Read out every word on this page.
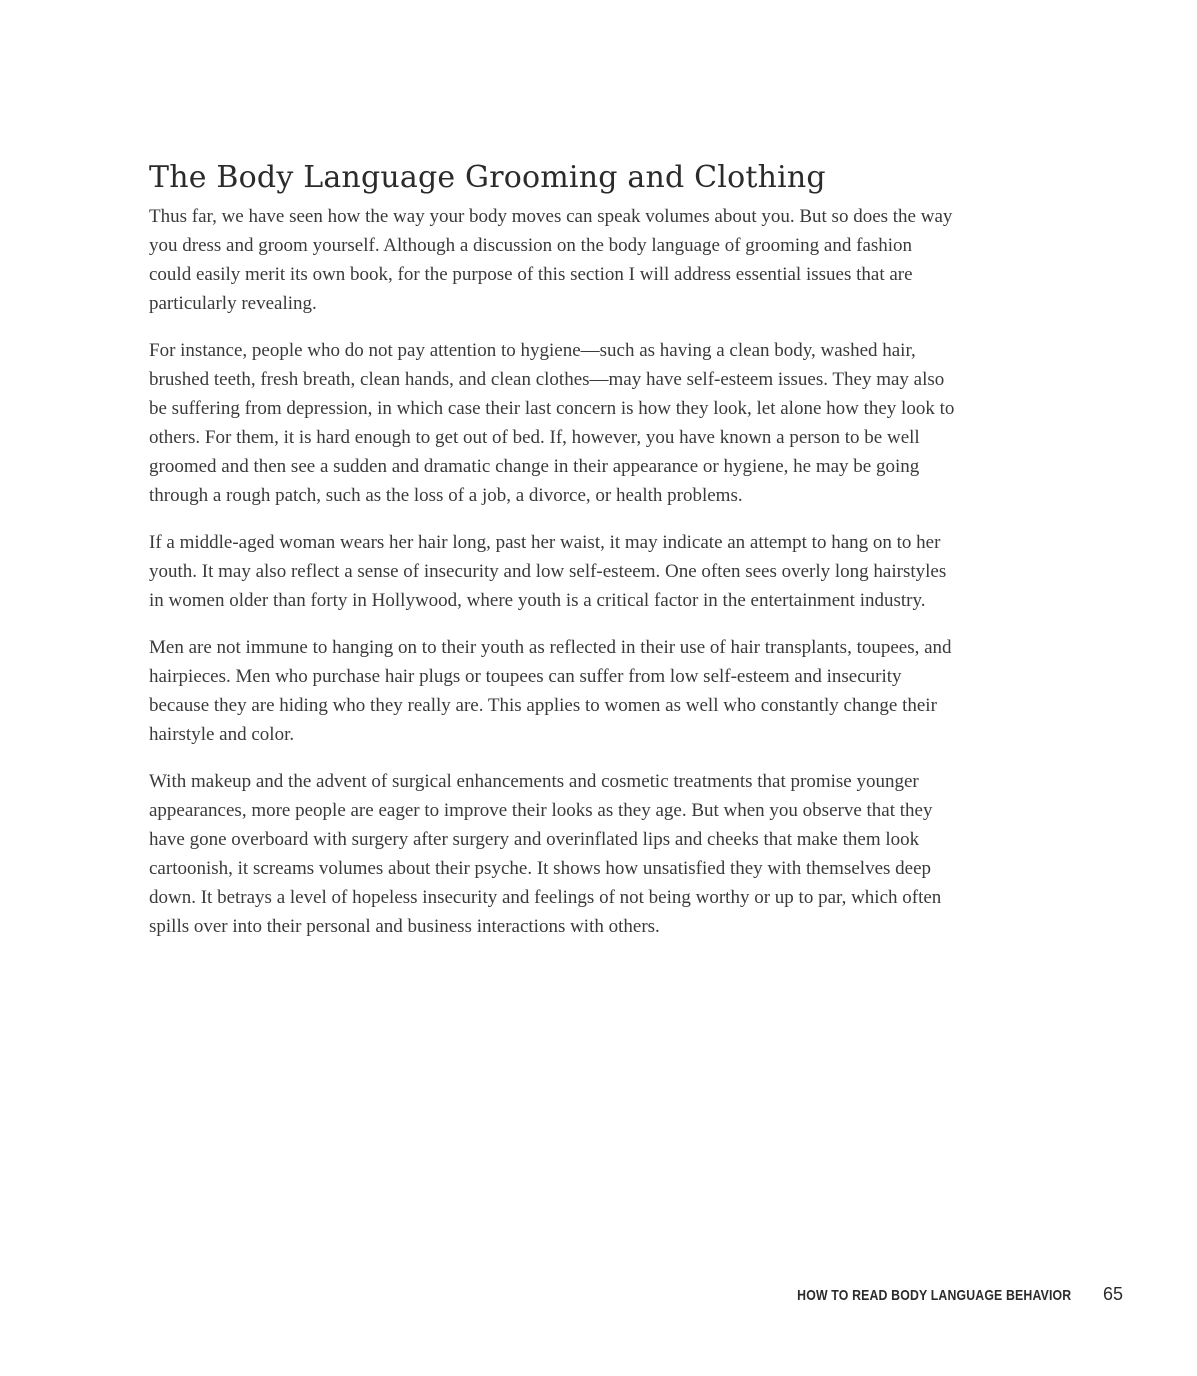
The Body Language Grooming and Clothing

Thus far, we have seen how the way your body moves can speak volumes about you. But so does the way you dress and groom yourself. Although a discussion on the body language of grooming and fashion could easily merit its own book, for the purpose of this section I will address essential issues that are particularly revealing.

For instance, people who do not pay attention to hygiene—such as having a clean body, washed hair, brushed teeth, fresh breath, clean hands, and clean clothes—may have self-esteem issues. They may also be suffering from depression, in which case their last concern is how they look, let alone how they look to others. For them, it is hard enough to get out of bed. If, however, you have known a person to be well groomed and then see a sudden and dramatic change in their appearance or hygiene, he may be going through a rough patch, such as the loss of a job, a divorce, or health problems.

If a middle-aged woman wears her hair long, past her waist, it may indicate an attempt to hang on to her youth. It may also reflect a sense of insecurity and low self-esteem. One often sees overly long hairstyles in women older than forty in Hollywood, where youth is a critical factor in the entertainment industry.

Men are not immune to hanging on to their youth as reflected in their use of hair transplants, toupees, and hairpieces. Men who purchase hair plugs or toupees can suffer from low self-esteem and insecurity because they are hiding who they really are. This applies to women as well who constantly change their hairstyle and color.

With makeup and the advent of surgical enhancements and cosmetic treatments that promise younger appearances, more people are eager to improve their looks as they age. But when you observe that they have gone overboard with surgery after surgery and overinflated lips and cheeks that make them look cartoonish, it screams volumes about their psyche. It shows how unsatisfied they with themselves deep down. It betrays a level of hopeless insecurity and feelings of not being worthy or up to par, which often spills over into their personal and business interactions with others.

HOW TO READ BODY LANGUAGE BEHAVIOR 65
